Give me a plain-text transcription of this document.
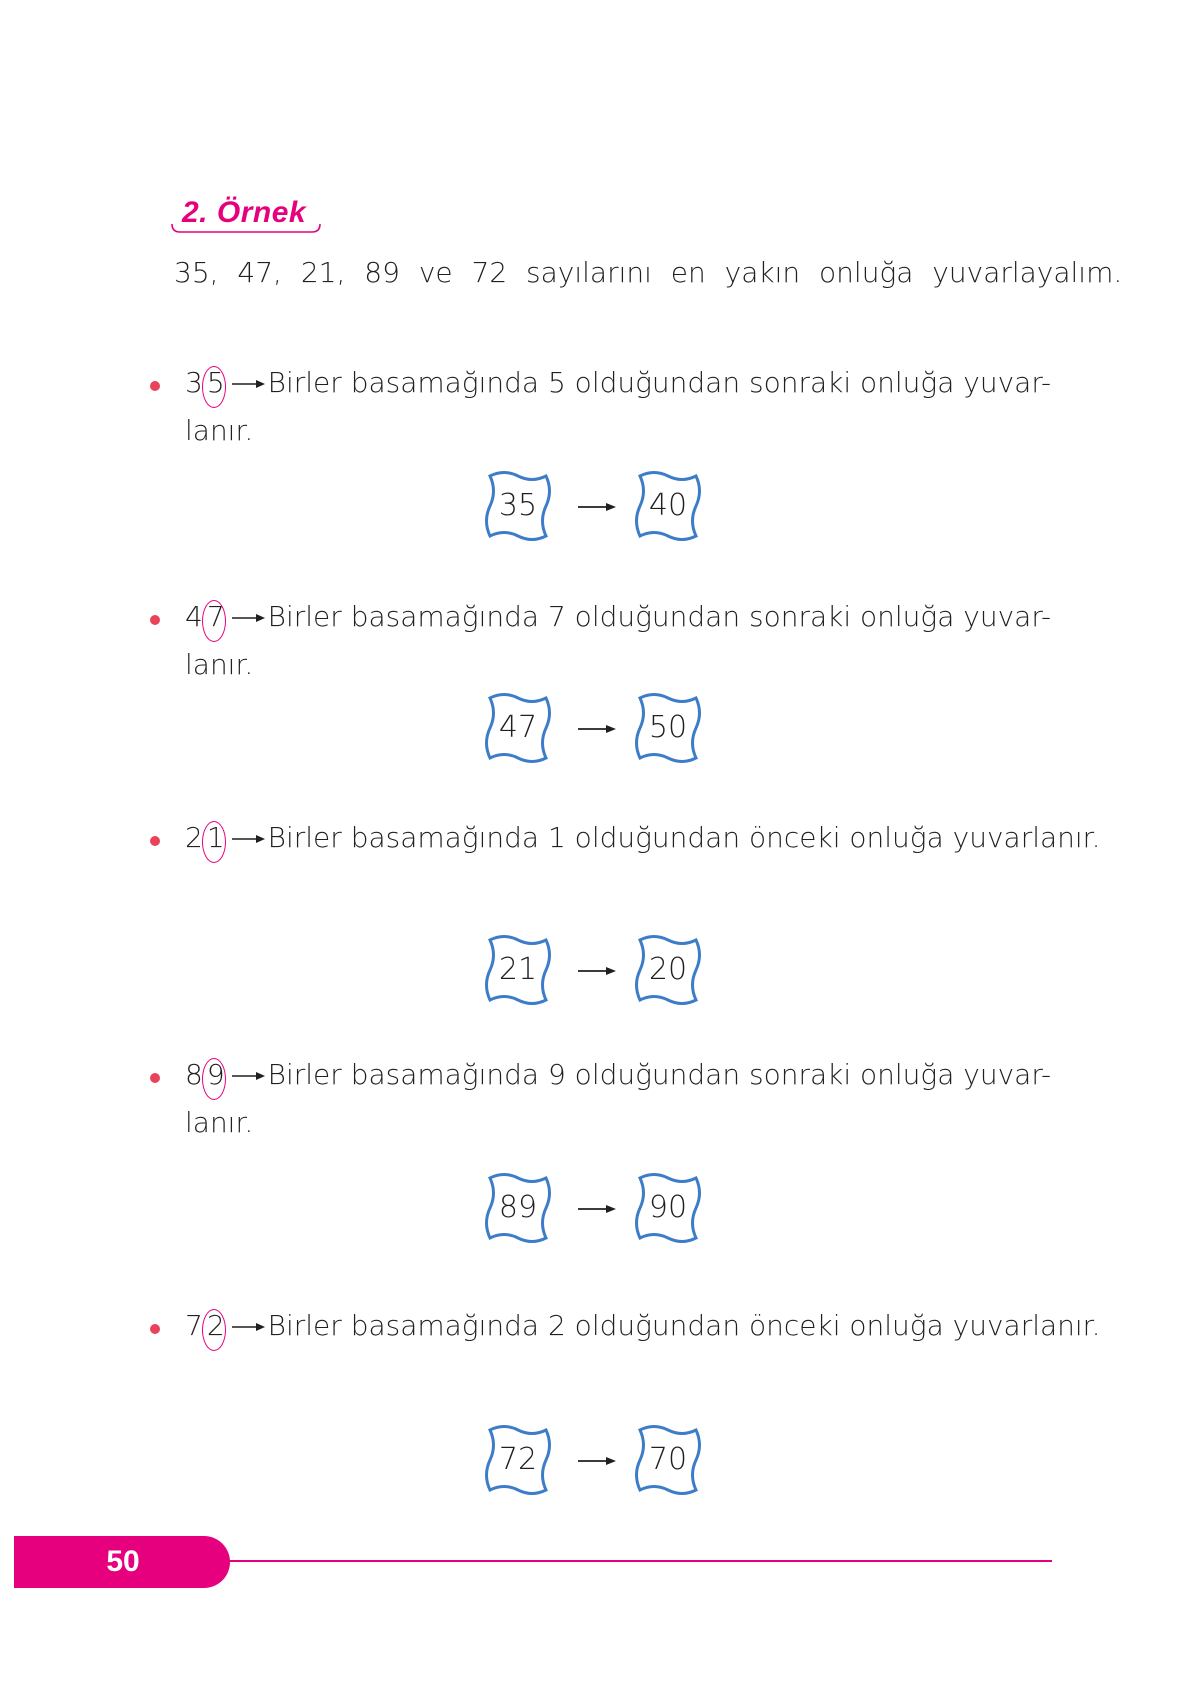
2. Örnek
35, 47, 21, 89 ve 72 sayılarını en yakın onluğa yuvarlayalım.
3 5 Birler basamağında 5 olduğundan sonraki onluğa yuvar-
lanır.
35	40
4 7 Birler basamağında 7 olduğundan sonraki onluğa yuvar-
lanır.
47	50
2 1 Birler basamağında 1 olduğundan önceki onluğa yuvarlanır.
21	20
8 9 Birler basamağında 9 olduğundan sonraki onluğa yuvar-
lanır.
89	90
7 2 Birler basamağında 2 olduğundan önceki onluğa yuvarlanır.
72	70
50
